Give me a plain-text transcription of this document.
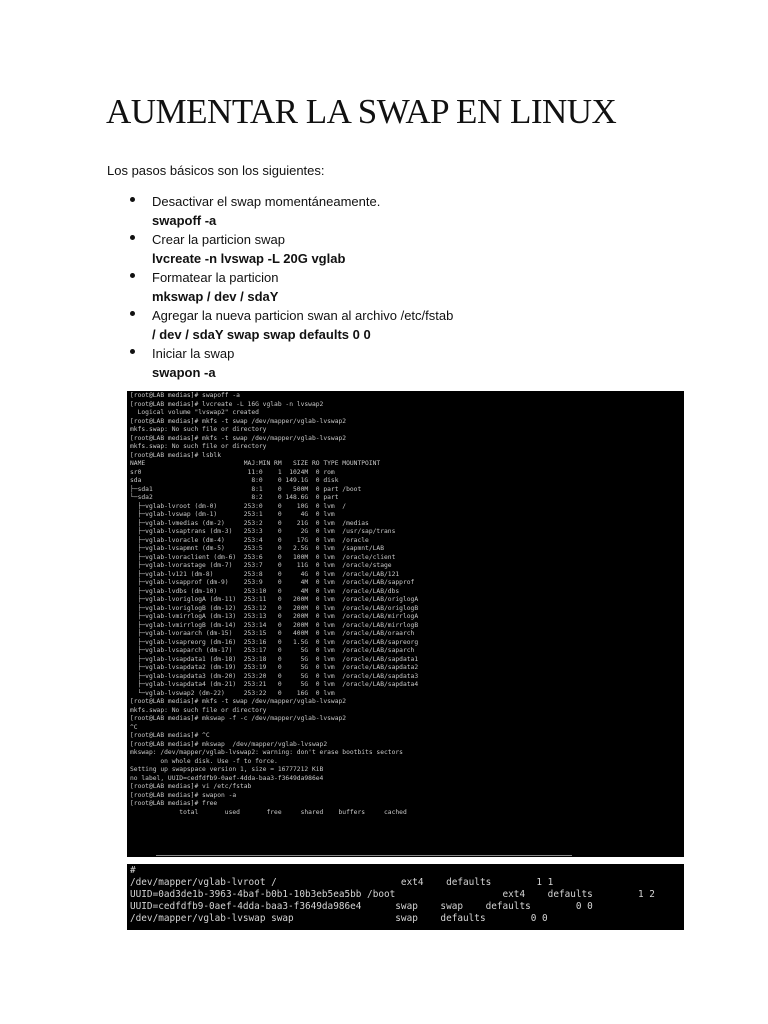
AUMENTAR LA SWAP EN LINUX
Los pasos básicos son los siguientes:
Desactivar el swap momentáneamente.
swapoff -a
Crear la particion swap
lvcreate -n lvswap -L 20G vglab
Formatear la particion
mkswap / dev / sdaY
Agregar la nueva particion swan al archivo /etc/fstab
/ dev / sdaY swap swap defaults 0 0
Iniciar la swap
swapon -a
[root@LAB medias]# swapoff -a
[root@LAB medias]# lvcreate -L 16G vglab -n lvswap2
Logical volume "lvswap2" created
[root@LAB medias]# mkfs -t swap /dev/mapper/vglab-lvswap2
mkfs.swap: No such file or directory
[root@LAB medias]# mkfs -t swap /dev/mapper/vglab-lvswap2
mkfs.swap: No such file or directory
[root@LAB medias]# lsblk
NAME                          MAJ:MIN RM   SIZE RO TYPE MOUNTPOINT
sr0                            11:0    1  1024M  0 rom
sda                             8:0    0 149.1G  0 disk
├─sda1                          8:1    0   500M  0 part /boot
└─sda2                          8:2    0 148.6G  0 part
├─vglab-lvroot (dm-0)       253:0    0    10G  0 lvm  /
├─vglab-lvswap (dm-1)       253:1    0     4G  0 lvm
├─vglab-lvmedias (dm-2)     253:2    0    21G  0 lvm  /medias
├─vglab-lvsaptrans (dm-3)   253:3    0     2G  0 lvm  /usr/sap/trans
├─vglab-lvoracle (dm-4)     253:4    0    17G  0 lvm  /oracle
├─vglab-lvsapmnt (dm-5)     253:5    0   2.5G  0 lvm  /sapmnt/LAB
├─vglab-lvoraclient (dm-6)  253:6    0   100M  0 lvm  /oracle/client
├─vglab-lvorastage (dm-7)   253:7    0    11G  0 lvm  /oracle/stage
├─vglab-lv121 (dm-8)        253:8    0     4G  0 lvm  /oracle/LAB/121
├─vglab-lvsapprof (dm-9)    253:9    0     4M  0 lvm  /oracle/LAB/sapprof
├─vglab-lvdbs (dm-10)       253:10   0     4M  0 lvm  /oracle/LAB/dbs
├─vglab-lvoriglogA (dm-11)  253:11   0   200M  0 lvm  /oracle/LAB/origlogA
├─vglab-lvoriglogB (dm-12)  253:12   0   200M  0 lvm  /oracle/LAB/origlogB
├─vglab-lvmirrlogA (dm-13)  253:13   0   200M  0 lvm  /oracle/LAB/mirrlogA
├─vglab-lvmirrlogB (dm-14)  253:14   0   200M  0 lvm  /oracle/LAB/mirrlogB
├─vglab-lvoraarch (dm-15)   253:15   0   400M  0 lvm  /oracle/LAB/oraarch
├─vglab-lvsapreorg (dm-16)  253:16   0   1.5G  0 lvm  /oracle/LAB/sapreorg
├─vglab-lvsaparch (dm-17)   253:17   0     5G  0 lvm  /oracle/LAB/saparch
├─vglab-lvsapdata1 (dm-18)  253:18   0     5G  0 lvm  /oracle/LAB/sapdata1
├─vglab-lvsapdata2 (dm-19)  253:19   0     5G  0 lvm  /oracle/LAB/sapdata2
├─vglab-lvsapdata3 (dm-20)  253:20   0     5G  0 lvm  /oracle/LAB/sapdata3
├─vglab-lvsapdata4 (dm-21)  253:21   0     5G  0 lvm  /oracle/LAB/sapdata4
└─vglab-lvswap2 (dm-22)     253:22   0    16G  0 lvm
[root@LAB medias]# mkfs -t swap /dev/mapper/vglab-lvswap2
mkfs.swap: No such file or directory
[root@LAB medias]# mkswap -f -c /dev/mapper/vglab-lvswap2
^C
[root@LAB medias]# ^C
[root@LAB medias]# mkswap  /dev/mapper/vglab-lvswap2
mkswap: /dev/mapper/vglab-lvswap2: warning: don't erase bootbits sectors
on whole disk. Use -f to force.
Setting up swapspace version 1, size = 16777212 KiB
no label, UUID=cedfdfb9-0aef-4dda-baa3-f3649da986e4
[root@LAB medias]# vi /etc/fstab
[root@LAB medias]# swapon -a
[root@LAB medias]# free
total       used       free     shared    buffers     cached
#
/dev/mapper/vglab-lvroot /                      ext4    defaults        1 1
UUID=0ad3de1b-3963-4baf-b0b1-10b3eb5ea5bb /boot                   ext4    defaults        1 2
UUID=cedfdfb9-0aef-4dda-baa3-f3649da986e4      swap    swap    defaults        0 0
/dev/mapper/vglab-lvswap swap                  swap    defaults        0 0
